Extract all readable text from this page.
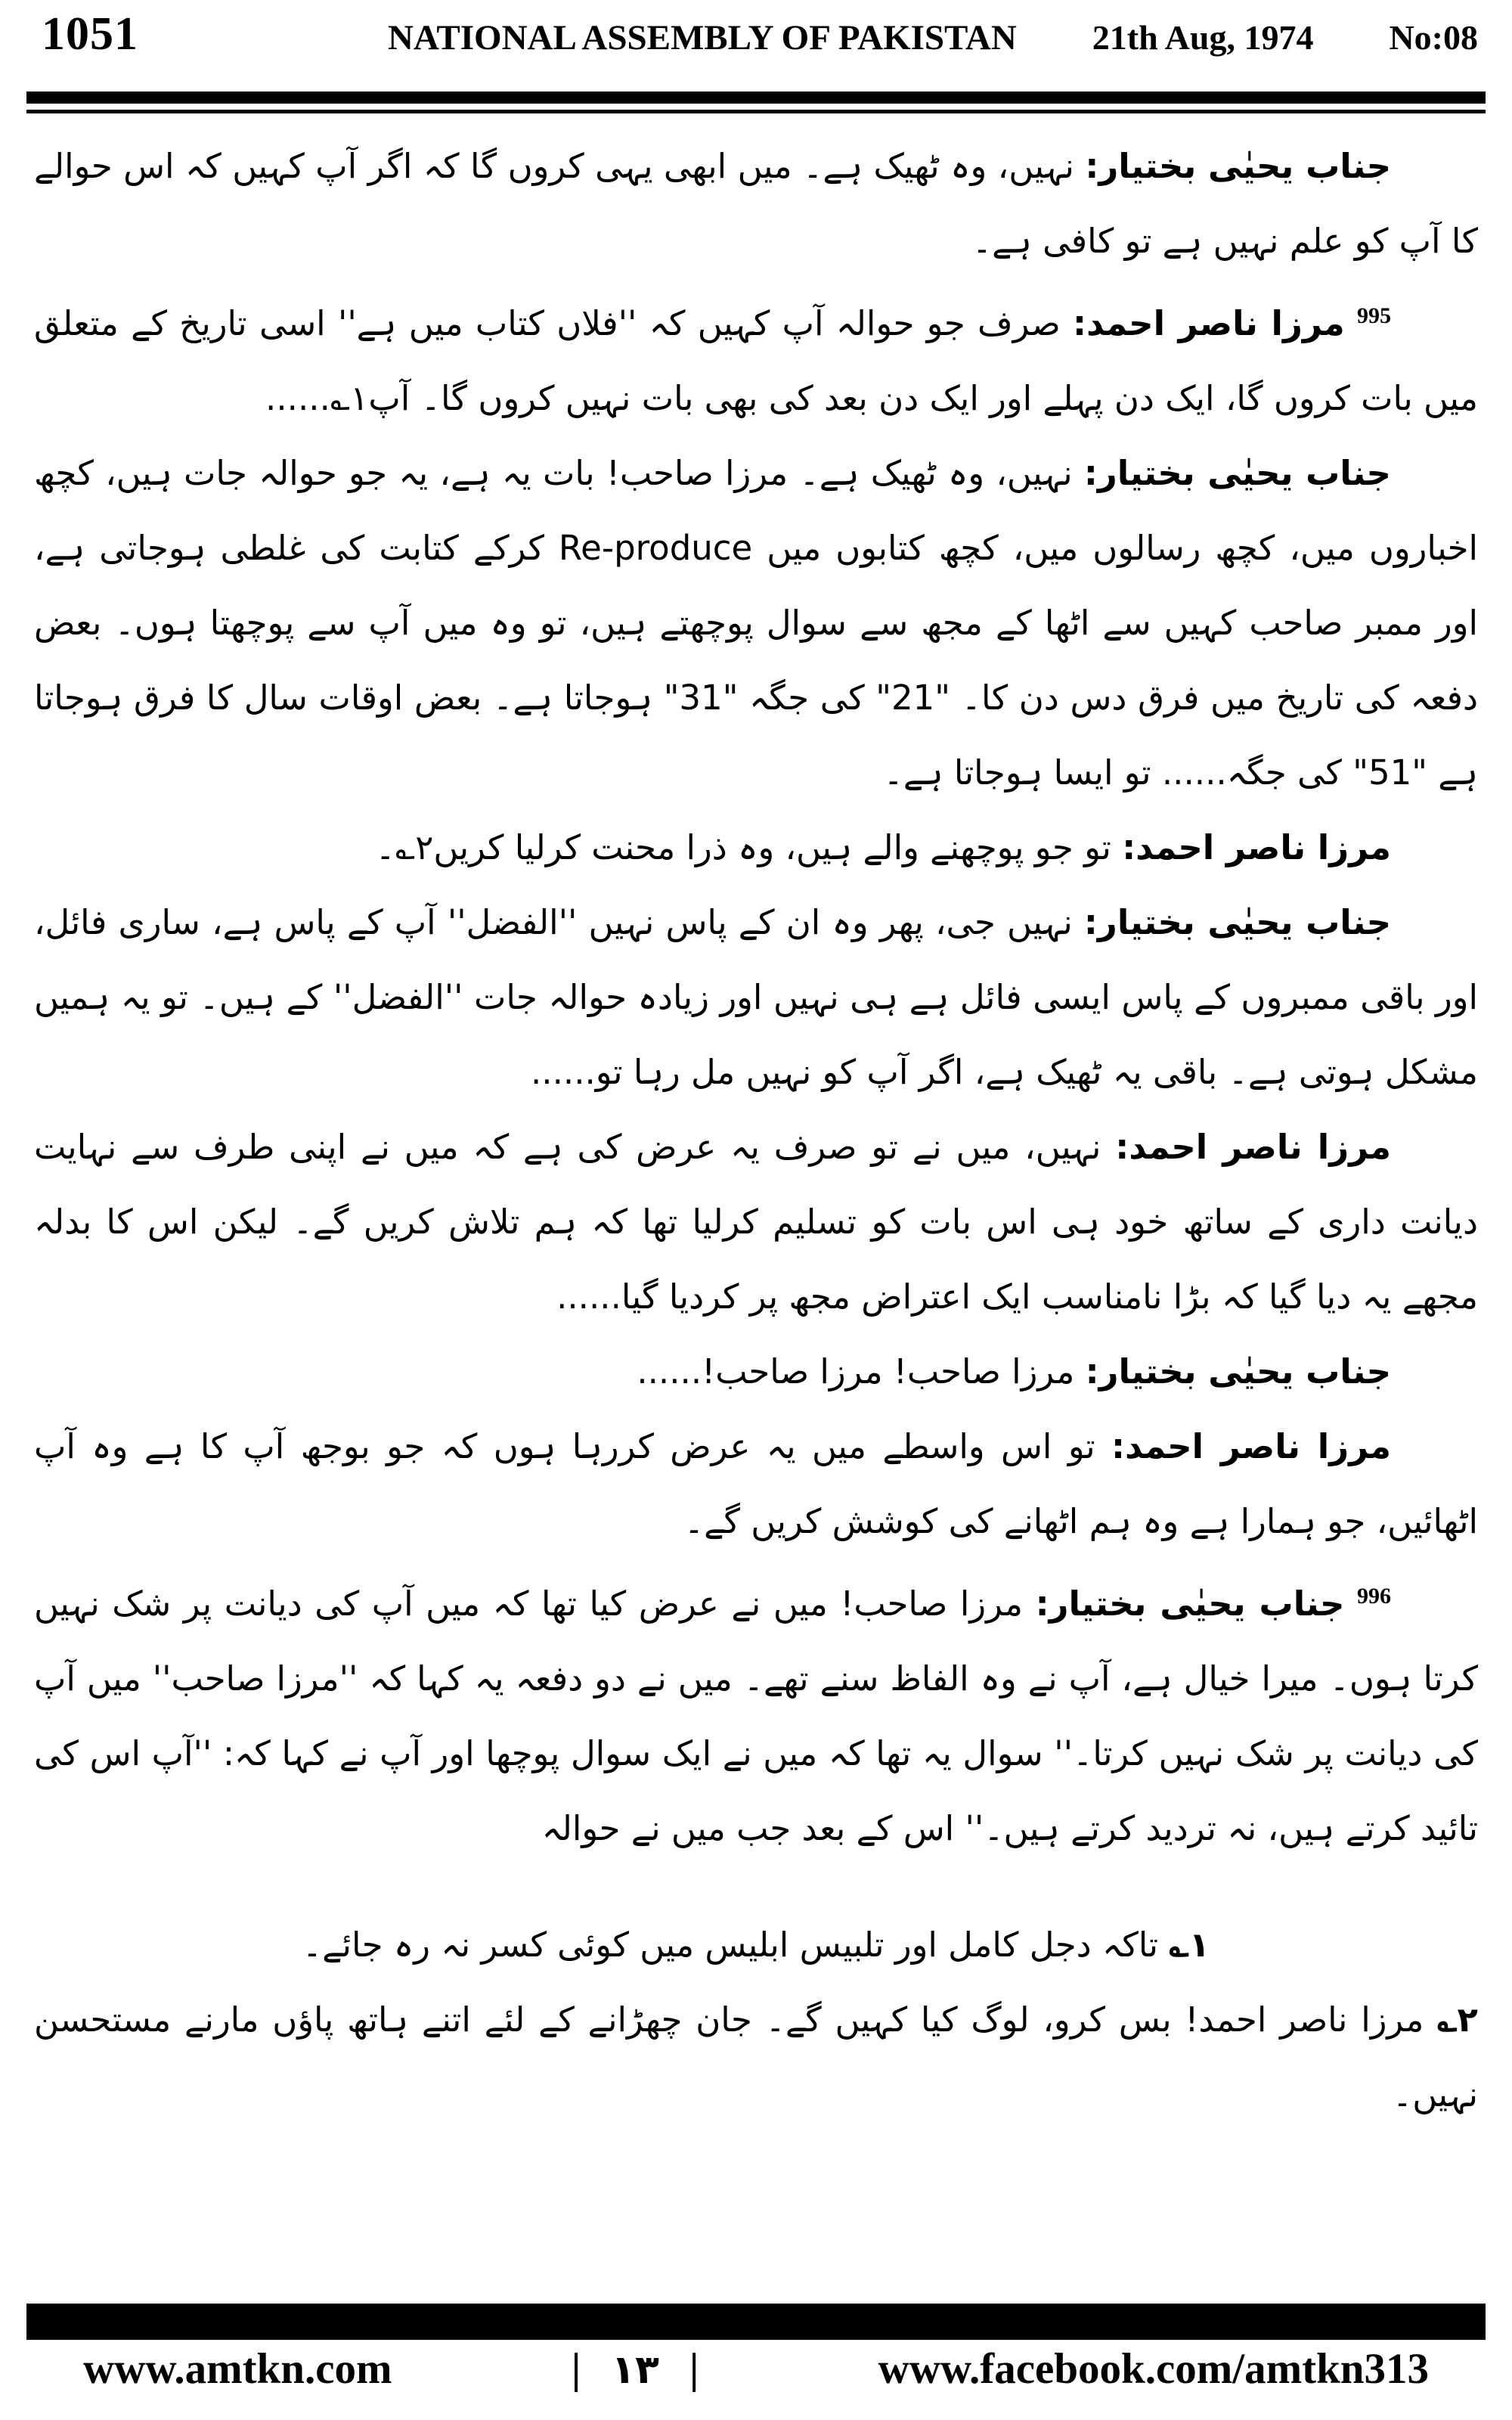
1051	NATIONAL ASSEMBLY OF PAKISTAN 21th Aug, 1974 No:08

جناب یحیٰی بختیار: نہیں، وہ ٹھیک ہے۔ میں ابھی یہی کروں گا کہ اگر آپ کہیں کہ اس حوالے کا آپ کو علم نہیں ہے تو کافی ہے۔

$^{995}$ مرزا ناصر احمد: صرف جو حوالہ آپ کہیں کہ ''فلاں کتاب میں ہے'' اسی تاریخ کے متعلق میں بات کروں گا، ایک دن پہلے اور ایک دن بعد کی بھی بات نہیں کروں گا۔ آپ۱؎......

جناب یحیٰی بختیار: نہیں، وہ ٹھیک ہے۔ مرزا صاحب! بات یہ ہے، یہ جو حوالہ جات ہیں، کچھ اخباروں میں، کچھ رسالوں میں، کچھ کتابوں میں Re-produce کرکے کتابت کی غلطی ہوجاتی ہے، اور ممبر صاحب کہیں سے اٹھا کے مجھ سے سوال پوچھتے ہیں، تو وہ میں آپ سے پوچھتا ہوں۔ بعض دفعہ کی تاریخ میں فرق دس دن کا۔ "21" کی جگہ "31" ہوجاتا ہے۔ بعض اوقات سال کا فرق ہوجاتا ہے "51" کی جگہ...... تو ایسا ہوجاتا ہے۔

مرزا ناصر احمد: تو جو پوچھنے والے ہیں، وہ ذرا محنت کرلیا کریں۲؎۔

جناب یحیٰی بختیار: نہیں جی، پھر وہ ان کے پاس نہیں ''الفضل'' آپ کے پاس ہے، ساری فائل، اور باقی ممبروں کے پاس ایسی فائل ہے ہی نہیں اور زیادہ حوالہ جات ''الفضل'' کے ہیں۔ تو یہ ہمیں مشکل ہوتی ہے۔ باقی یہ ٹھیک ہے، اگر آپ کو نہیں مل رہا تو......

مرزا ناصر احمد: نہیں، میں نے تو صرف یہ عرض کی ہے کہ میں نے اپنی طرف سے نہایت دیانت داری کے ساتھ خود ہی اس بات کو تسلیم کرلیا تھا کہ ہم تلاش کریں گے۔ لیکن اس کا بدلہ مجھے یہ دیا گیا کہ بڑا نامناسب ایک اعتراض مجھ پر کردیا گیا......

جناب یحیٰی بختیار: مرزا صاحب! مرزا صاحب!......

مرزا ناصر احمد: تو اس واسطے میں یہ عرض کررہا ہوں کہ جو بوجھ آپ کا ہے وہ آپ اٹھائیں، جو ہمارا ہے وہ ہم اٹھانے کی کوشش کریں گے۔

$^{996}$ جناب یحیٰی بختیار: مرزا صاحب! میں نے عرض کیا تھا کہ میں آپ کی دیانت پر شک نہیں کرتا ہوں۔ میرا خیال ہے، آپ نے وہ الفاظ سنے تھے۔ میں نے دو دفعہ یہ کہا کہ ''مرزا صاحب'' میں آپ کی دیانت پر شک نہیں کرتا۔'' سوال یہ تھا کہ میں نے ایک سوال پوچھا اور آپ نے کہا کہ: ''آپ اس کی تائید کرتے ہیں، نہ تردید کرتے ہیں۔'' اس کے بعد جب میں نے حوالہ

۱؎ تاکہ دجل کامل اور تلبیس ابلیس میں کوئی کسر نہ رہ جائے۔

۲؎ مرزا ناصر احمد! بس کرو، لوگ کیا کہیں گے۔ جان چھڑانے کے لئے اتنے ہاتھ پاؤں مارنے مستحسن نہیں۔

www.amtkn.com	| ۱۳ |	www.facebook.com/amtkn313
